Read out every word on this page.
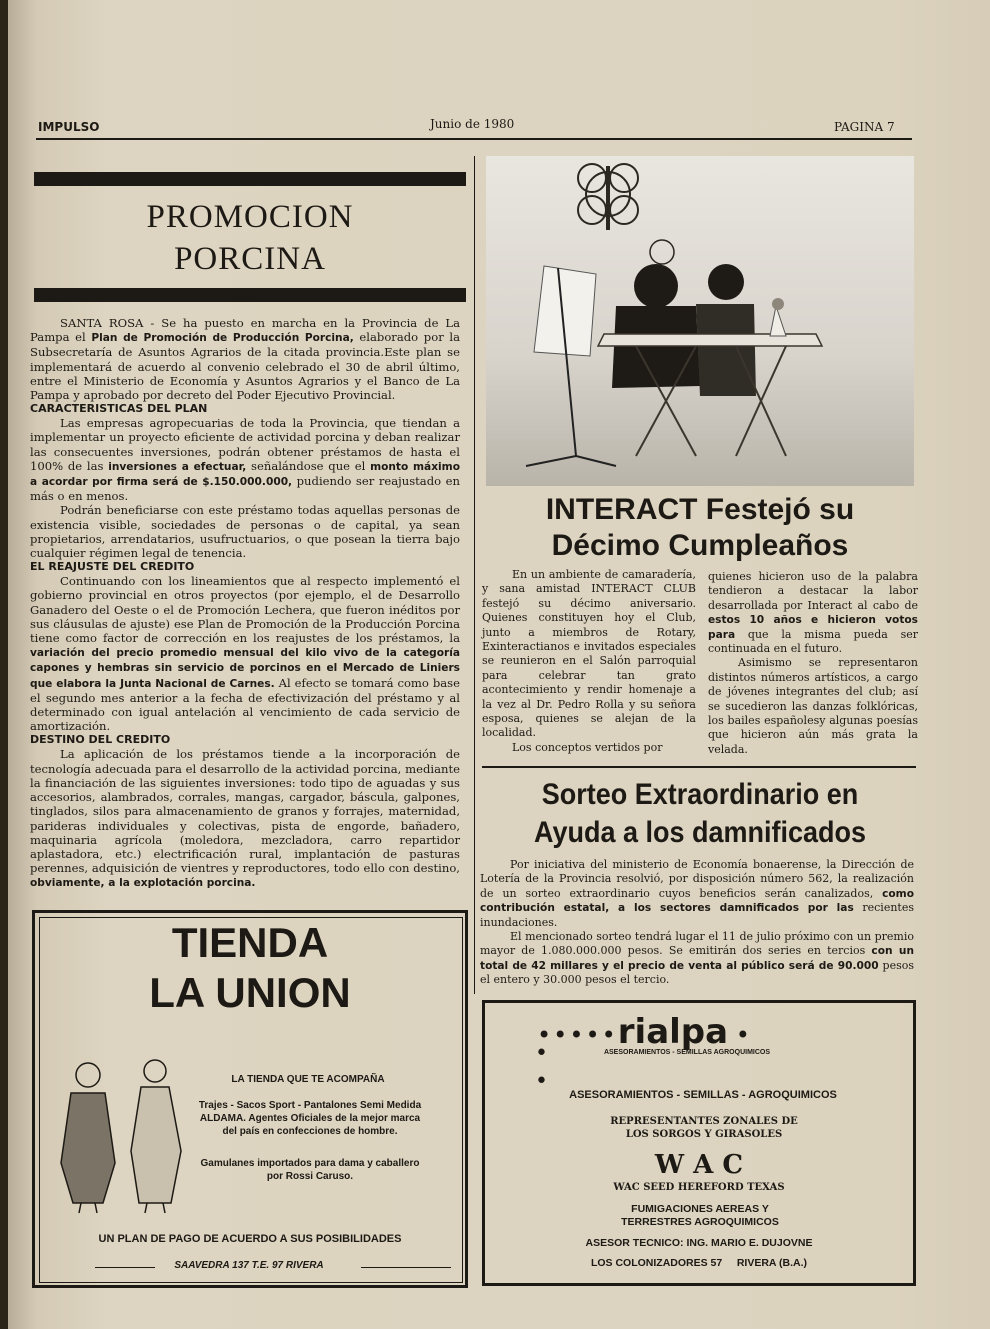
IMPULSO	Junio de 1980	PAGINA 7
PROMOCION
PORCINA

SANTA ROSA - Se ha puesto en marcha en la Provincia de La Pampa el Plan de Promoción de Producción Porcina, elaborado por la Subsecretaría de Asuntos Agrarios de la citada provincia.Este plan se implementará de acuerdo al convenio celebrado el 30 de abril último, entre el Ministerio de Economía y Asuntos Agrarios y el Banco de La Pampa y aprobado por decreto del Poder Ejecutivo Provincial.

CARACTERISTICAS DEL PLAN

Las empresas agropecuarias de toda la Provincia, que tiendan a implementar un proyecto eficiente de actividad porcina y deban realizar las consecuentes inversiones, podrán obtener préstamos de hasta el 100% de las inversiones a efectuar, señalándose que el monto máximo a acordar por firma será de $.150.000.000, pudiendo ser reajustado en más o en menos.

Podrán beneficiarse con este préstamo todas aquellas personas de existencia visible, sociedades de personas o de capital, ya sean propietarios, arrendatarios, usufructuarios, o que posean la tierra bajo cualquier régimen legal de tenencia.

EL REAJUSTE DEL CREDITO

Continuando con los lineamientos que al respecto implementó el gobierno provincial en otros proyectos (por ejemplo, el de Desarrollo Ganadero del Oeste o el de Promoción Lechera, que fueron inéditos por sus cláusulas de ajuste) ese Plan de Promoción de la Producción Porcina tiene como factor de corrección en los reajustes de los préstamos, la variación del precio promedio mensual del kilo vivo de la categoría capones y hembras sin servicio de porcinos en el Mercado de Liniers que elabora la Junta Nacional de Carnes. Al efecto se tomará como base el segundo mes anterior a la fecha de efectivización del préstamo y al determinado con igual antelación al vencimiento de cada servicio de amortización.

DESTINO DEL CREDITO

La aplicación de los préstamos tiende a la incorporación de tecnología adecuada para el desarrollo de la actividad porcina, mediante la financiación de las siguientes inversiones: todo tipo de aguadas y sus accesorios, alambrados, corrales, mangas, cargador, báscula, galpones, tinglados, silos para almacenamiento de granos y forrajes, maternidad, parideras individuales y colectivas, pista de engorde, bañadero, maquinaria agrícola (moledora, mezcladora, carro repartidor aplastadora, etc.) electrificación rural, implantación de pasturas perennes, adquisición de vientres y reproductores, todo ello con destino, obviamente, a la explotación porcina.

TIENDA
LA UNION
LA TIENDA QUE TE ACOMPAÑA
Trajes - Sacos Sport - Pantalones Semi Medida ALDAMA. Agentes Oficiales de la mejor marca del país en confecciones de hombre.
Gamulanes importados para dama y caballero por Rossi Caruso.
UN PLAN DE PAGO DE ACUERDO A SUS POSIBILIDADES
SAAVEDRA 137 T.E. 97 RIVERA
INTERACT Festejó su
Décimo Cumpleaños

En un ambiente de camaradería, y sana amistad INTERACT CLUB festejó su décimo aniversario. Quienes constituyen hoy el Club, junto a miembros de Rotary, Exinteractianos e invitados especiales se reunieron en el Salón parroquial para celebrar tan grato acontecimiento y rendir homenaje a la vez al Dr. Pedro Rolla y su señora esposa, quienes se alejan de la localidad.

Los conceptos vertidos por

quienes hicieron uso de la palabra tendieron a destacar la labor desarrollada por Interact al cabo de estos 10 años e hicieron votos para que la misma pueda ser continuada en el futuro.

Asimismo se representaron distintos números artísticos, a cargo de jóvenes integrantes del club; así se sucedieron las danzas folklóricas, los bailes españolesy algunas poesías que hicieron aún más grata la velada.

Sorteo Extraordinario en
Ayuda a los damnificados

Por iniciativa del ministerio de Economía bonaerense, la Dirección de Lotería de la Provincia resolvió, por disposición número 562, la realización de un sorteo extraordinario cuyos beneficios serán canalizados, como contribución estatal, a los sectores damnificados por las recientes inundaciones.

El mencionado sorteo tendrá lugar el 11 de julio próximo con un premio mayor de 1.080.000.000 pesos. Se emitirán dos series en tercios con un total de 42 millares y el precio de venta al público será de 90.000 pesos el entero y 30.000 pesos el tercio.

•••••rialpa •
ASESORAMIENTOS - SEMILLAS AGROQUIMICOS
•
•
ASESORAMIENTOS - SEMILLAS - AGROQUIMICOS
REPRESENTANTES ZONALES DE LOS SORGOS Y GIRASOLES
W A C
WAC SEED HEREFORD TEXAS
FUMIGACIONES AEREAS Y TERRESTRES AGROQUIMICOS
ASESOR TECNICO: ING. MARIO E. DUJOVNE
LOS COLONIZADORES 57     RIVERA (B.A.)
